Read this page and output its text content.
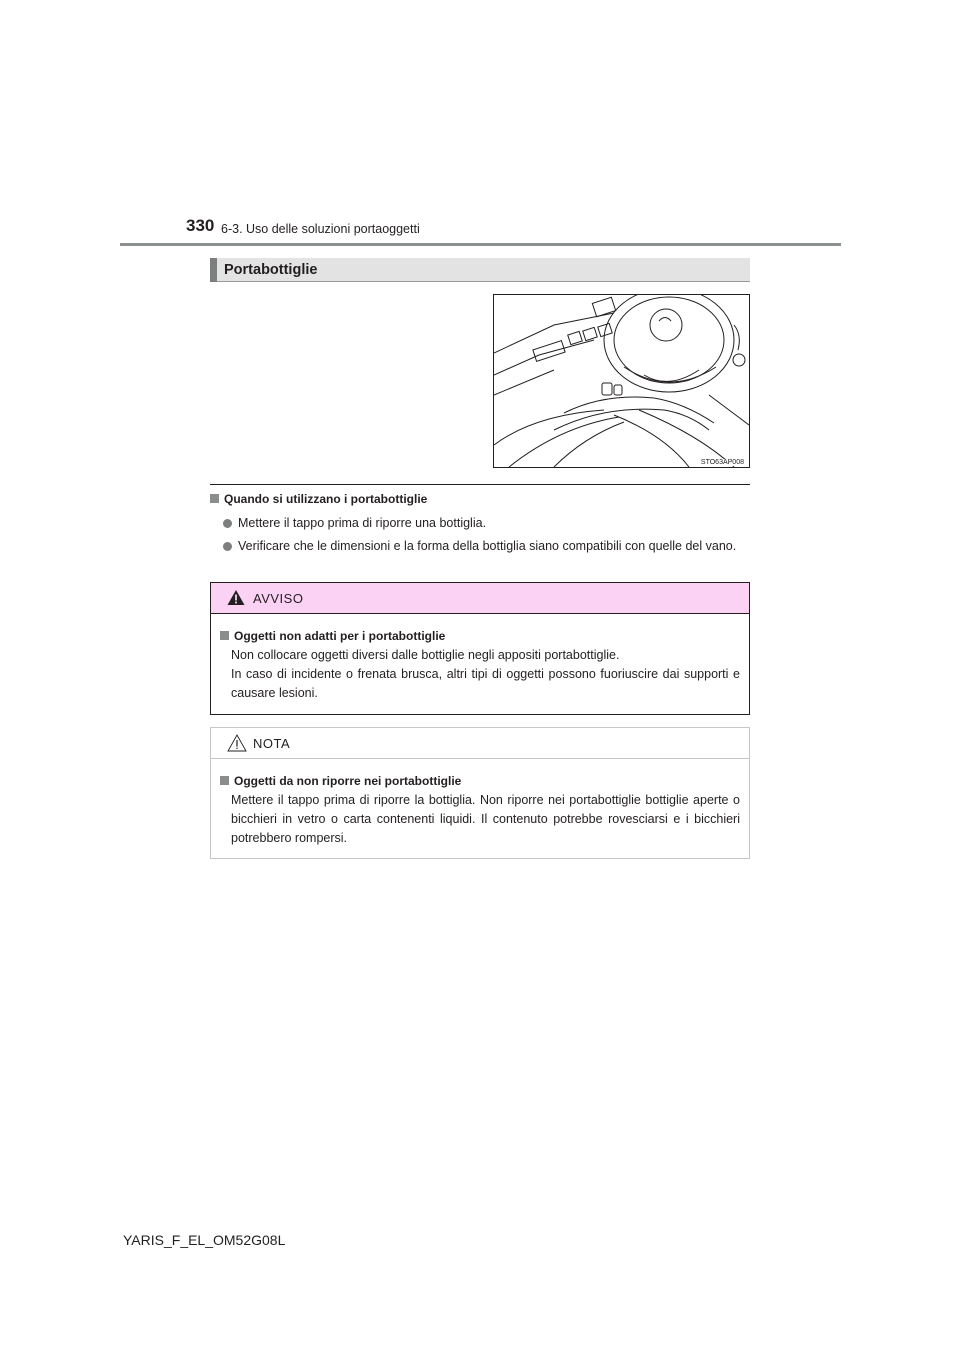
330 6-3. Uso delle soluzioni portaoggetti
Portabottiglie
STO63AP008
Quando si utilizzano i portabottiglie
Mettere il tappo prima di riporre una bottiglia.
Verificare che le dimensioni e la forma della bottiglia siano compatibili con quelle del vano.
AVVISO
Oggetti non adatti per i portabottiglie
Non collocare oggetti diversi dalle bottiglie negli appositi portabottiglie.
In caso di incidente o frenata brusca, altri tipi di oggetti possono fuoriuscire dai supporti e causare lesioni.
NOTA
Oggetti da non riporre nei portabottiglie
Mettere il tappo prima di riporre la bottiglia. Non riporre nei portabottiglie bottiglie aperte o bicchieri in vetro o carta contenenti liquidi. Il contenuto potrebbe rovesciarsi e i bicchieri potrebbero rompersi.
YARIS_F_EL_OM52G08L
